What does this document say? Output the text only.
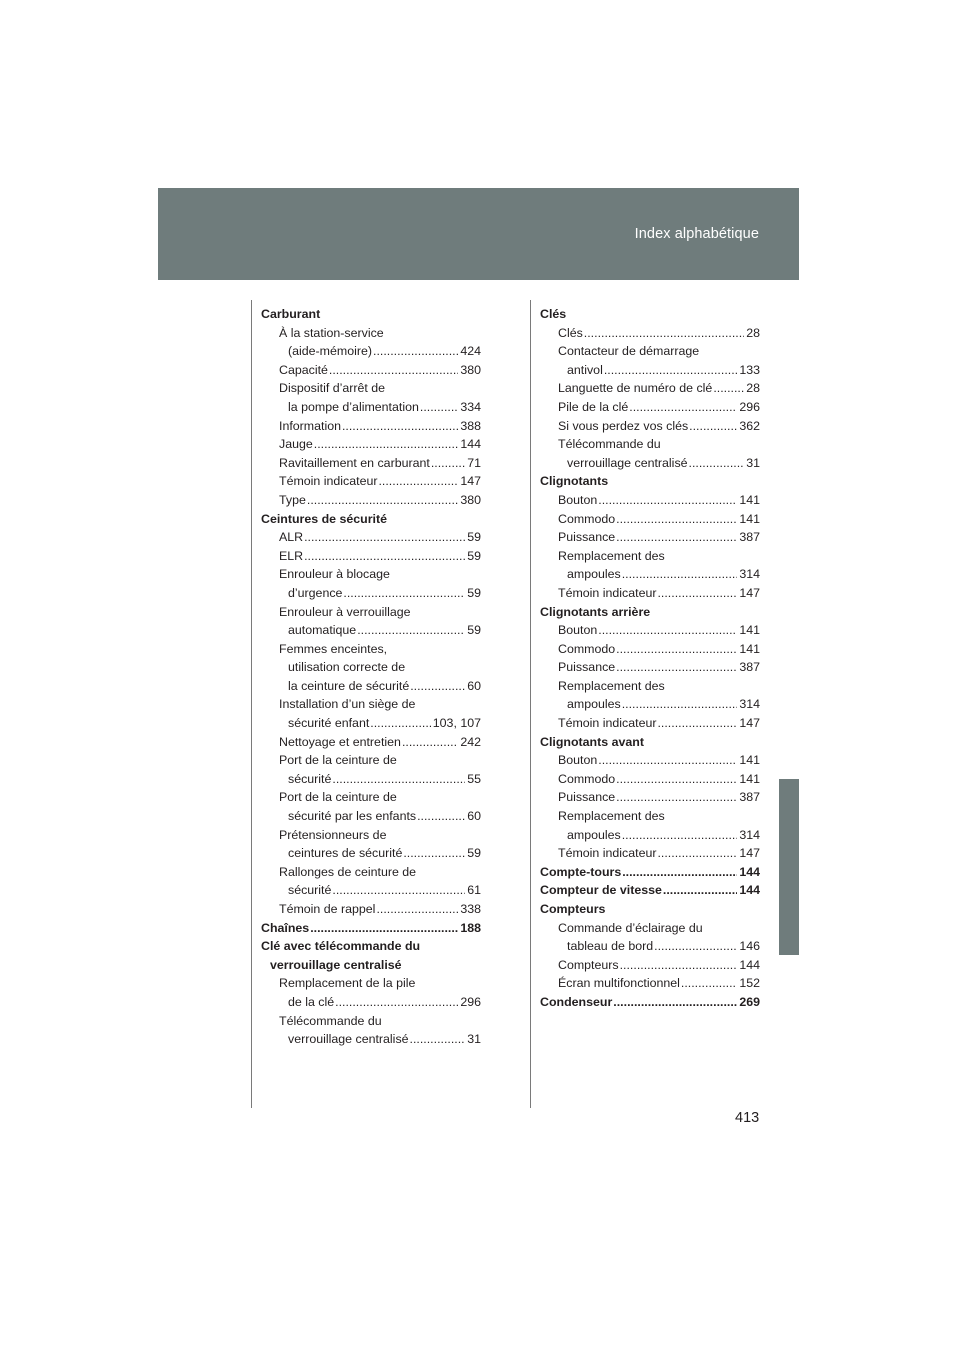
Index alphabétique
Carburant
À la station-service
(aide-mémoire) .....	424
Capacité .....	380
Dispositif d’arrêt de
la pompe d’alimentation .....	334
Information .....	388
Jauge .....	144
Ravitaillement en carburant .....	71
Témoin indicateur .....	147
Type .....	380
Ceintures de sécurité
ALR .....	59
ELR .....	59
Enrouleur à blocage
d’urgence .....	59
Enrouleur à verrouillage
automatique .....	59
Femmes enceintes,
utilisation correcte de
la ceinture de sécurité .....	60
Installation d’un siège de
sécurité enfant .....	103, 107
Nettoyage et entretien .....	242
Port de la ceinture de
sécurité .....	55
Port de la ceinture de
sécurité par les enfants .....	60
Prétensionneurs de
ceintures de sécurité .....	59
Rallonges de ceinture de
sécurité .....	61
Témoin de rappel .....	338
Chaînes .....	188
Clé avec télécommande du
verrouillage centralisé
Remplacement de la pile
de la clé .....	296
Télécommande du
verrouillage centralisé .....	31
Clés
Clés .....	28
Contacteur de démarrage
antivol .....	133
Languette de numéro de clé .....	28
Pile de la clé .....	296
Si vous perdez vos clés .....	362
Télécommande du
verrouillage centralisé .....	31
Clignotants
Bouton .....	141
Commodo .....	141
Puissance .....	387
Remplacement des
ampoules .....	314
Témoin indicateur .....	147
Clignotants arrière
Bouton .....	141
Commodo .....	141
Puissance .....	387
Remplacement des
ampoules .....	314
Témoin indicateur .....	147
Clignotants avant
Bouton .....	141
Commodo .....	141
Puissance .....	387
Remplacement des
ampoules .....	314
Témoin indicateur .....	147
Compte-tours .....	144
Compteur de vitesse .....	144
Compteurs
Commande d’éclairage du
tableau de bord .....	146
Compteurs .....	144
Écran multifonctionnel .....	152
Condenseur .....	269
413
